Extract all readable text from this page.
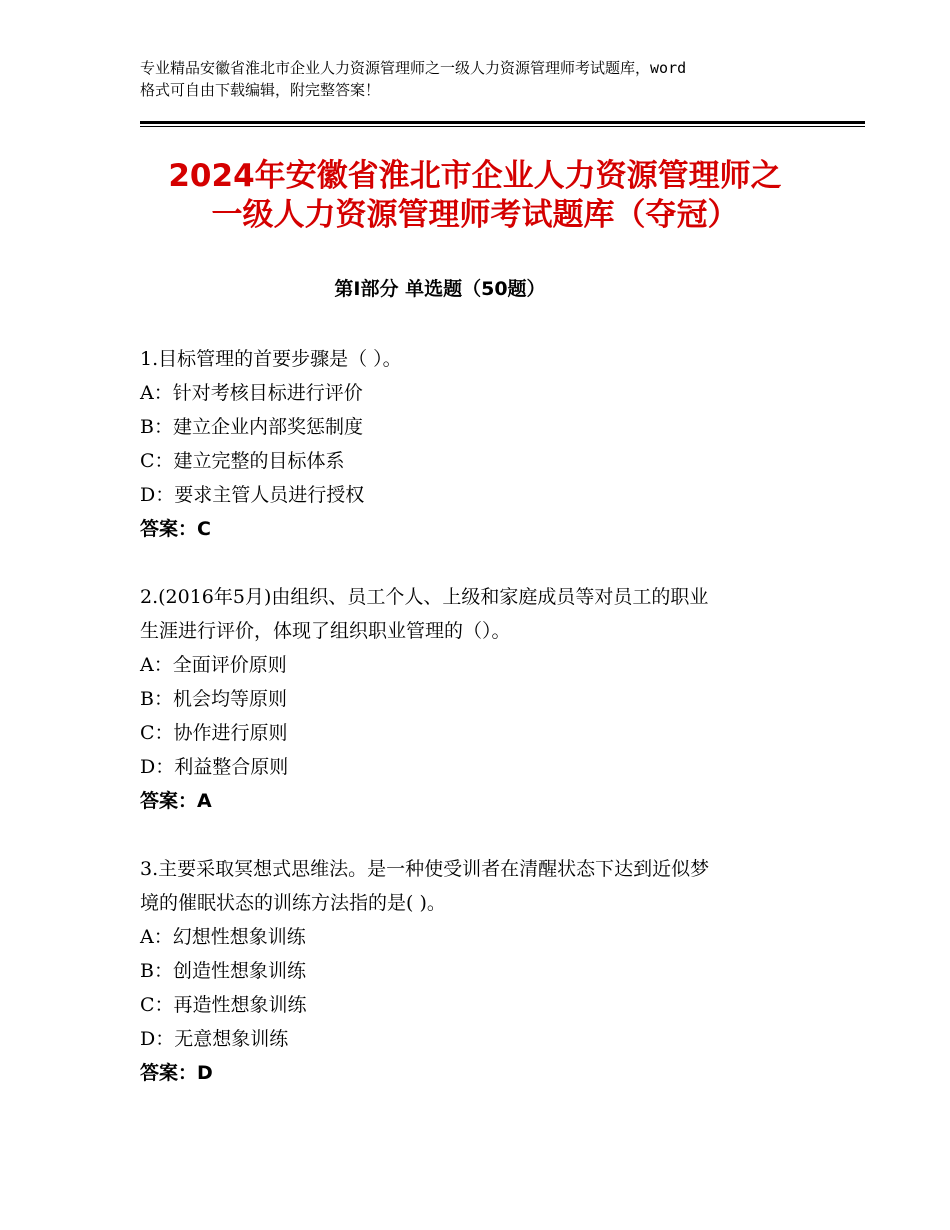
专业精品安徽省淮北市企业人力资源管理师之一级人力资源管理师考试题库，word
格式可自由下载编辑，附完整答案！
2024年安徽省淮北市企业人力资源管理师之
一级人力资源管理师考试题库（夺冠）
第Ⅰ部分 单选题（50题）
1.目标管理的首要步骤是（ ）。
A：针对考核目标进行评价
B：建立企业内部奖惩制度
C：建立完整的目标体系
D：要求主管人员进行授权
答案：C
2.(2016年5月)由组织、员工个人、上级和家庭成员等对员工的职业
生涯进行评价，体现了组织职业管理的（）。
A：全面评价原则
B：机会均等原则
C：协作进行原则
D：利益整合原则
答案：A
3.主要采取冥想式思维法。是一种使受训者在清醒状态下达到近似梦
境的催眠状态的训练方法指的是( )。
A：幻想性想象训练
B：创造性想象训练
C：再造性想象训练
D：无意想象训练
答案：D
